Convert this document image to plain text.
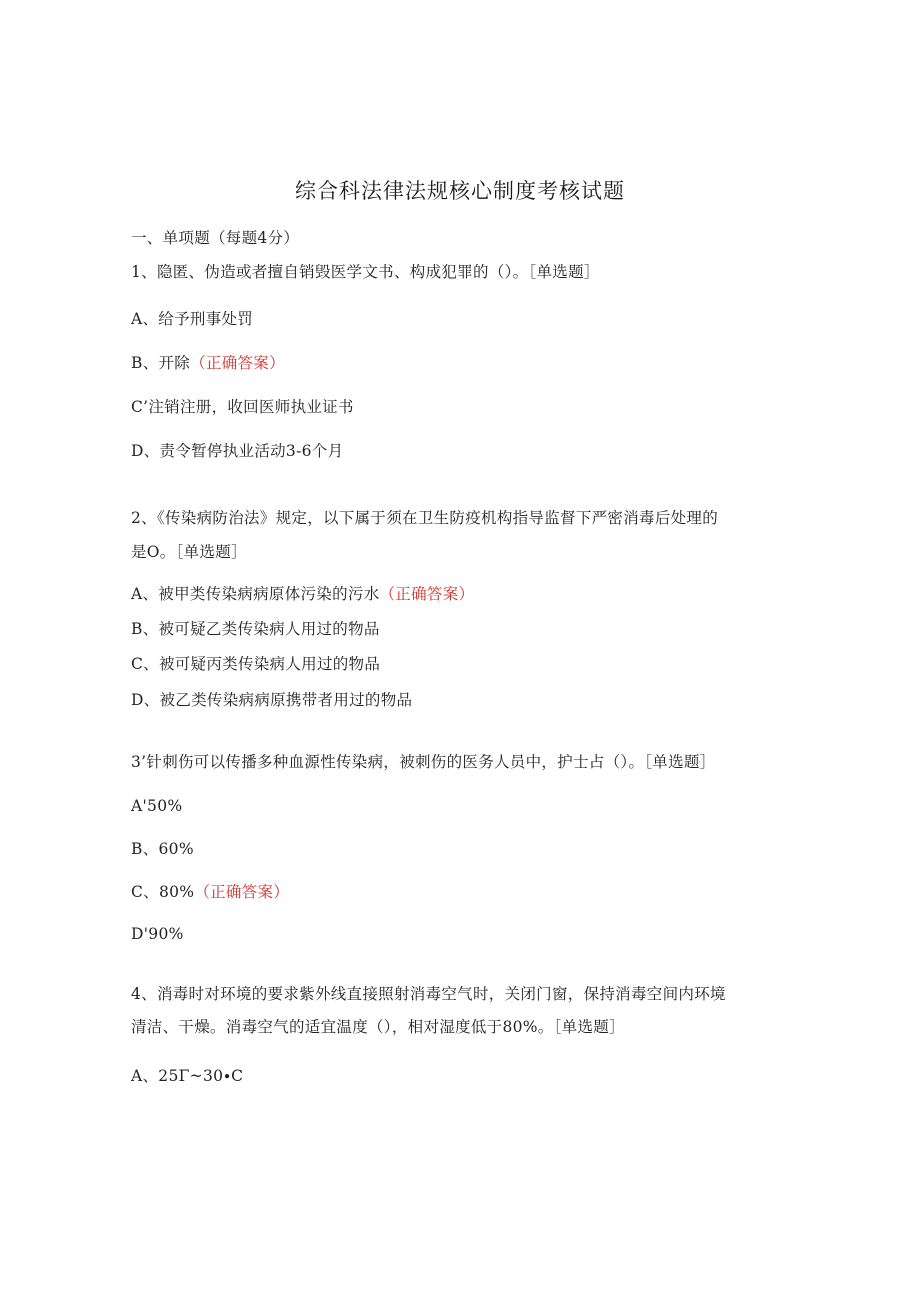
综合科法律法规核心制度考核试题
一、单项题（每题4分）
1、隐匿、伪造或者擅自销毁医学文书、构成犯罪的（）。［单选题］
A、给予刑事处罚
B、开除（正确答案）
C’注销注册，收回医师执业证书
D、责令暂停执业活动3-6个月
2、《传染病防治法》规定，以下属于须在卫生防疫机构指导监督下严密消毒后处理的
是O。［单选题］
A、被甲类传染病病原体污染的污水（正确答案）
B、被可疑乙类传染病人用过的物品
C、被可疑丙类传染病人用过的物品
D、被乙类传染病病原携带者用过的物品
3’针刺伤可以传播多种血源性传染病，被刺伤的医务人员中，护士占（）。［单选题］
A'50%
B、60%
C、80%（正确答案）
D'90%
4、消毒时对环境的要求紫外线直接照射消毒空气时，关闭门窗，保持消毒空间内环境
清洁、干燥。消毒空气的适宜温度（），相对湿度低于80%。［单选题］
A、25Γ~30∙C
